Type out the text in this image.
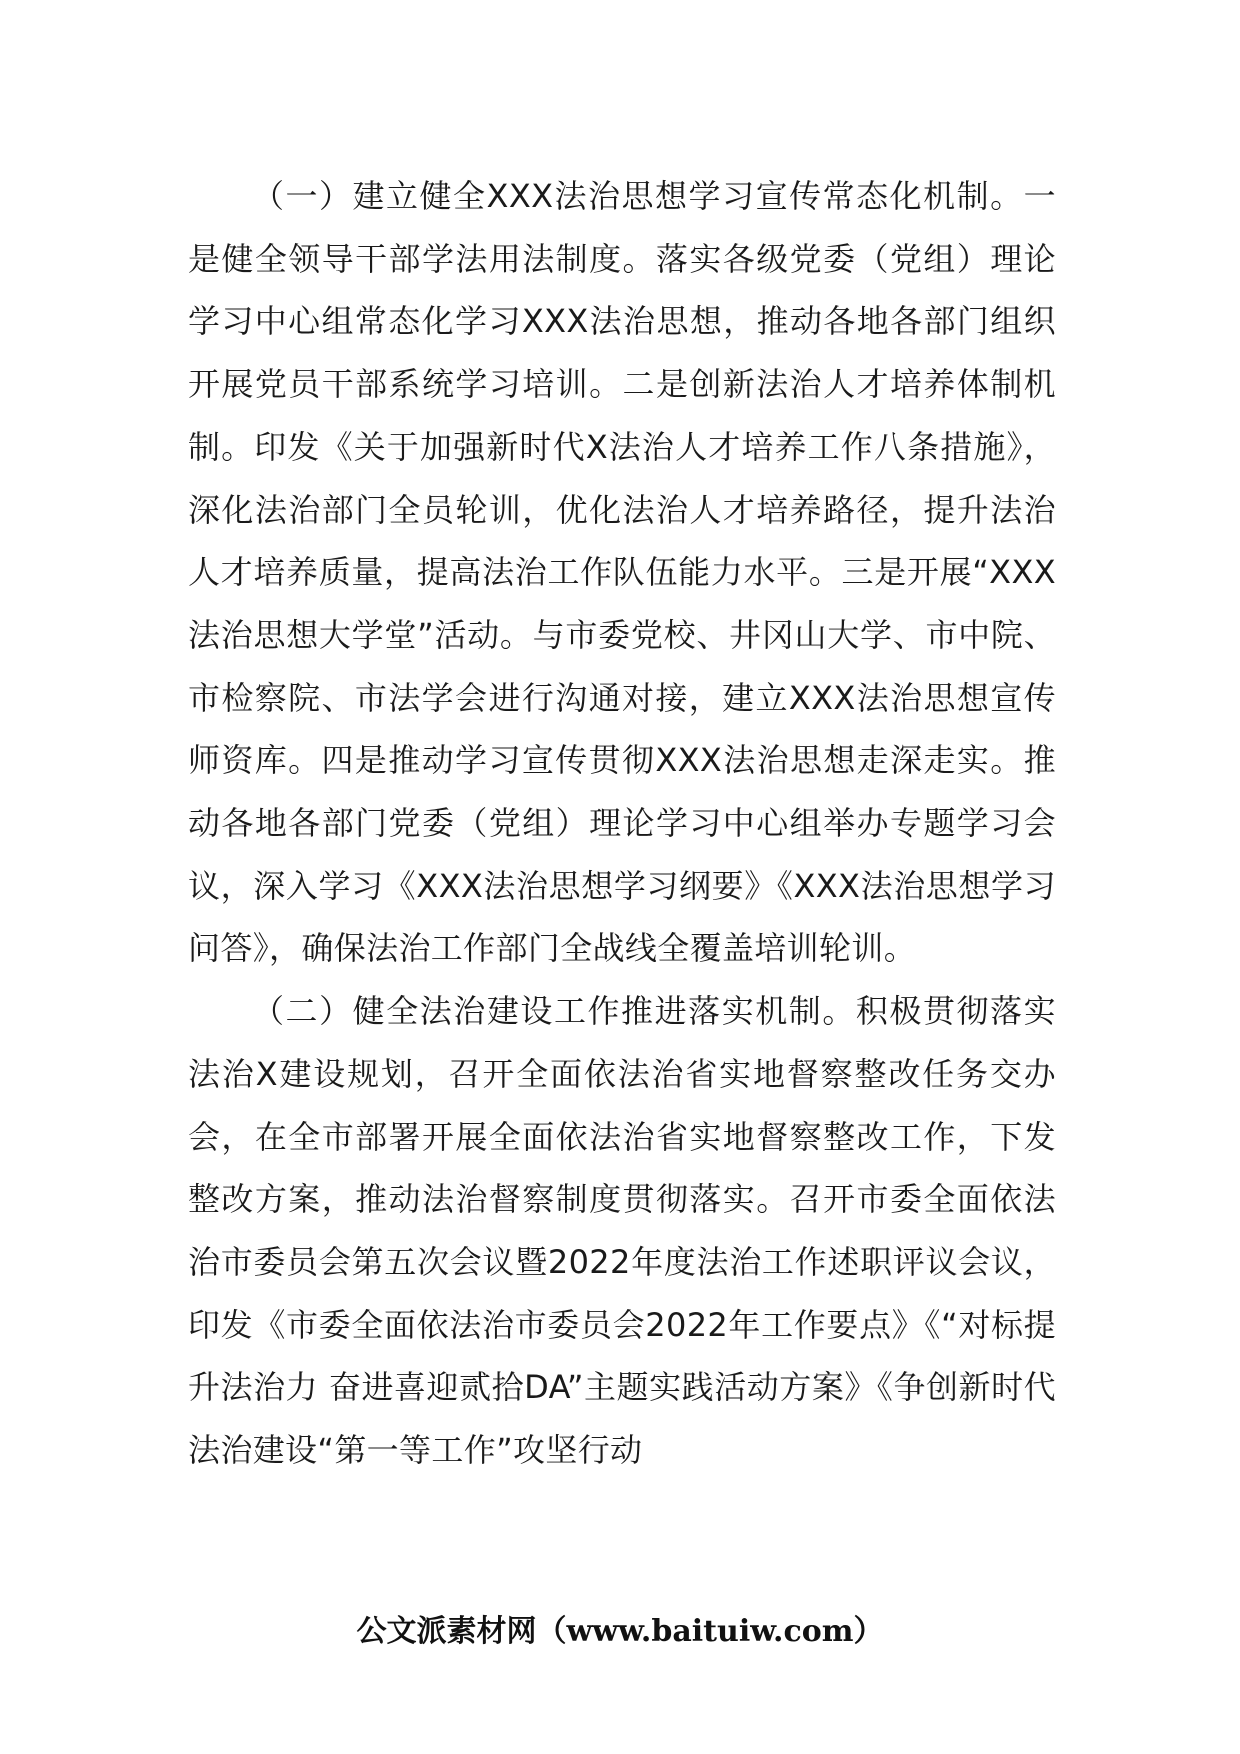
（一）建立健全XXX法治思想学习宣传常态化机制。一是健全领导干部学法用法制度。落实各级党委（党组）理论学习中心组常态化学习XXX法治思想，推动各地各部门组织开展党员干部系统学习培训。二是创新法治人才培养体制机制。印发《关于加强新时代X法治人才培养工作八条措施》，深化法治部门全员轮训，优化法治人才培养路径，提升法治人才培养质量，提高法治工作队伍能力水平。三是开展“XXX法治思想大学堂”活动。与市委党校、井冈山大学、市中院、市检察院、市法学会进行沟通对接，建立XXX法治思想宣传师资库。四是推动学习宣传贯彻XXX法治思想走深走实。推动各地各部门党委（党组）理论学习中心组举办专题学习会议，深入学习《XXX法治思想学习纲要》《XXX法治思想学习问答》，确保法治工作部门全战线全覆盖培训轮训。

（二）健全法治建设工作推进落实机制。积极贯彻落实法治X建设规划，召开全面依法治省实地督察整改任务交办会，在全市部署开展全面依法治省实地督察整改工作，下发整改方案，推动法治督察制度贯彻落实。召开市委全面依法治市委员会第五次会议暨2022年度法治工作述职评议会议，印发《市委全面依法治市委员会2022年工作要点》《“对标提升法治力 奋进喜迎贰拾DA”主题实践活动方案》《争创新时代法治建设“第一等工作”攻坚行动

公文派素材网（www.baituiw.com）
